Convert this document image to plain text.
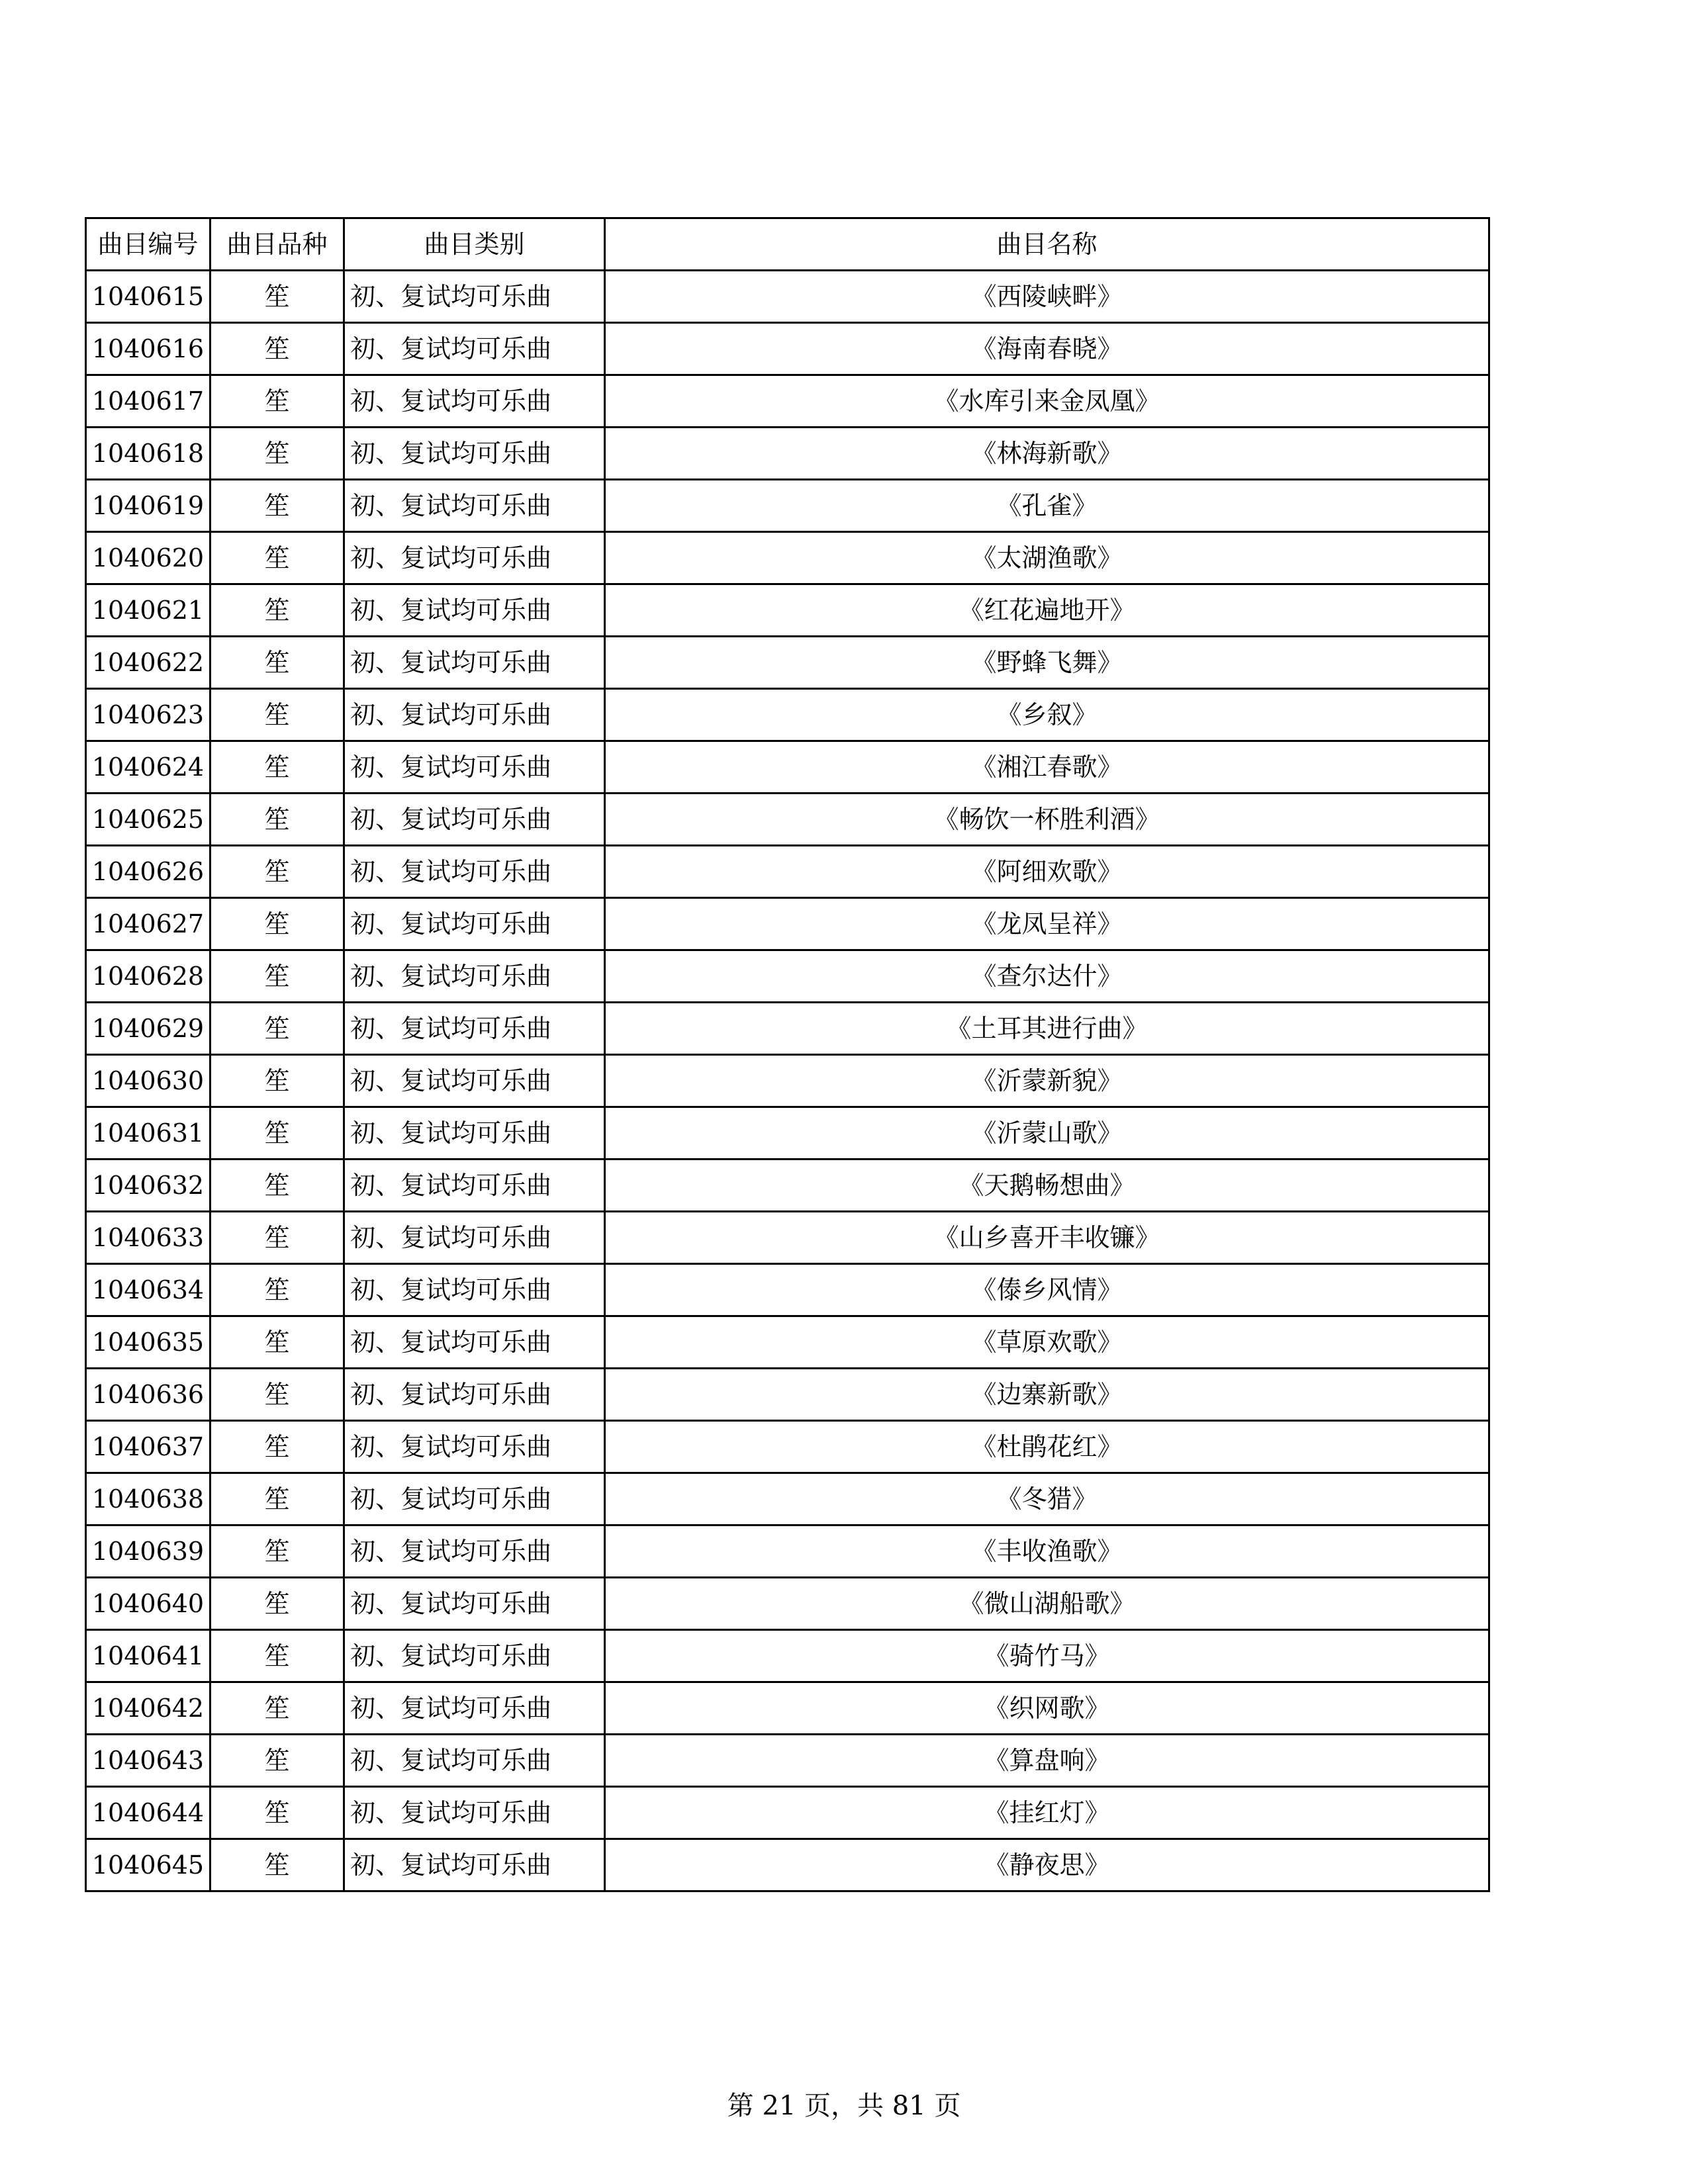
曲目编号	曲目品种	曲目类别	曲目名称
1040615	笙	初、复试均可乐曲	《西陵峡畔》
1040616	笙	初、复试均可乐曲	《海南春晓》
1040617	笙	初、复试均可乐曲	《水库引来金凤凰》
1040618	笙	初、复试均可乐曲	《林海新歌》
1040619	笙	初、复试均可乐曲	《孔雀》
1040620	笙	初、复试均可乐曲	《太湖渔歌》
1040621	笙	初、复试均可乐曲	《红花遍地开》
1040622	笙	初、复试均可乐曲	《野蜂飞舞》
1040623	笙	初、复试均可乐曲	《乡叙》
1040624	笙	初、复试均可乐曲	《湘江春歌》
1040625	笙	初、复试均可乐曲	《畅饮一杯胜利酒》
1040626	笙	初、复试均可乐曲	《阿细欢歌》
1040627	笙	初、复试均可乐曲	《龙凤呈祥》
1040628	笙	初、复试均可乐曲	《查尔达什》
1040629	笙	初、复试均可乐曲	《土耳其进行曲》
1040630	笙	初、复试均可乐曲	《沂蒙新貌》
1040631	笙	初、复试均可乐曲	《沂蒙山歌》
1040632	笙	初、复试均可乐曲	《天鹅畅想曲》
1040633	笙	初、复试均可乐曲	《山乡喜开丰收镰》
1040634	笙	初、复试均可乐曲	《傣乡风情》
1040635	笙	初、复试均可乐曲	《草原欢歌》
1040636	笙	初、复试均可乐曲	《边寨新歌》
1040637	笙	初、复试均可乐曲	《杜鹃花红》
1040638	笙	初、复试均可乐曲	《冬猎》
1040639	笙	初、复试均可乐曲	《丰收渔歌》
1040640	笙	初、复试均可乐曲	《微山湖船歌》
1040641	笙	初、复试均可乐曲	《骑竹马》
1040642	笙	初、复试均可乐曲	《织网歌》
1040643	笙	初、复试均可乐曲	《算盘响》
1040644	笙	初、复试均可乐曲	《挂红灯》
1040645	笙	初、复试均可乐曲	《静夜思》
第 21 页，共 81 页
